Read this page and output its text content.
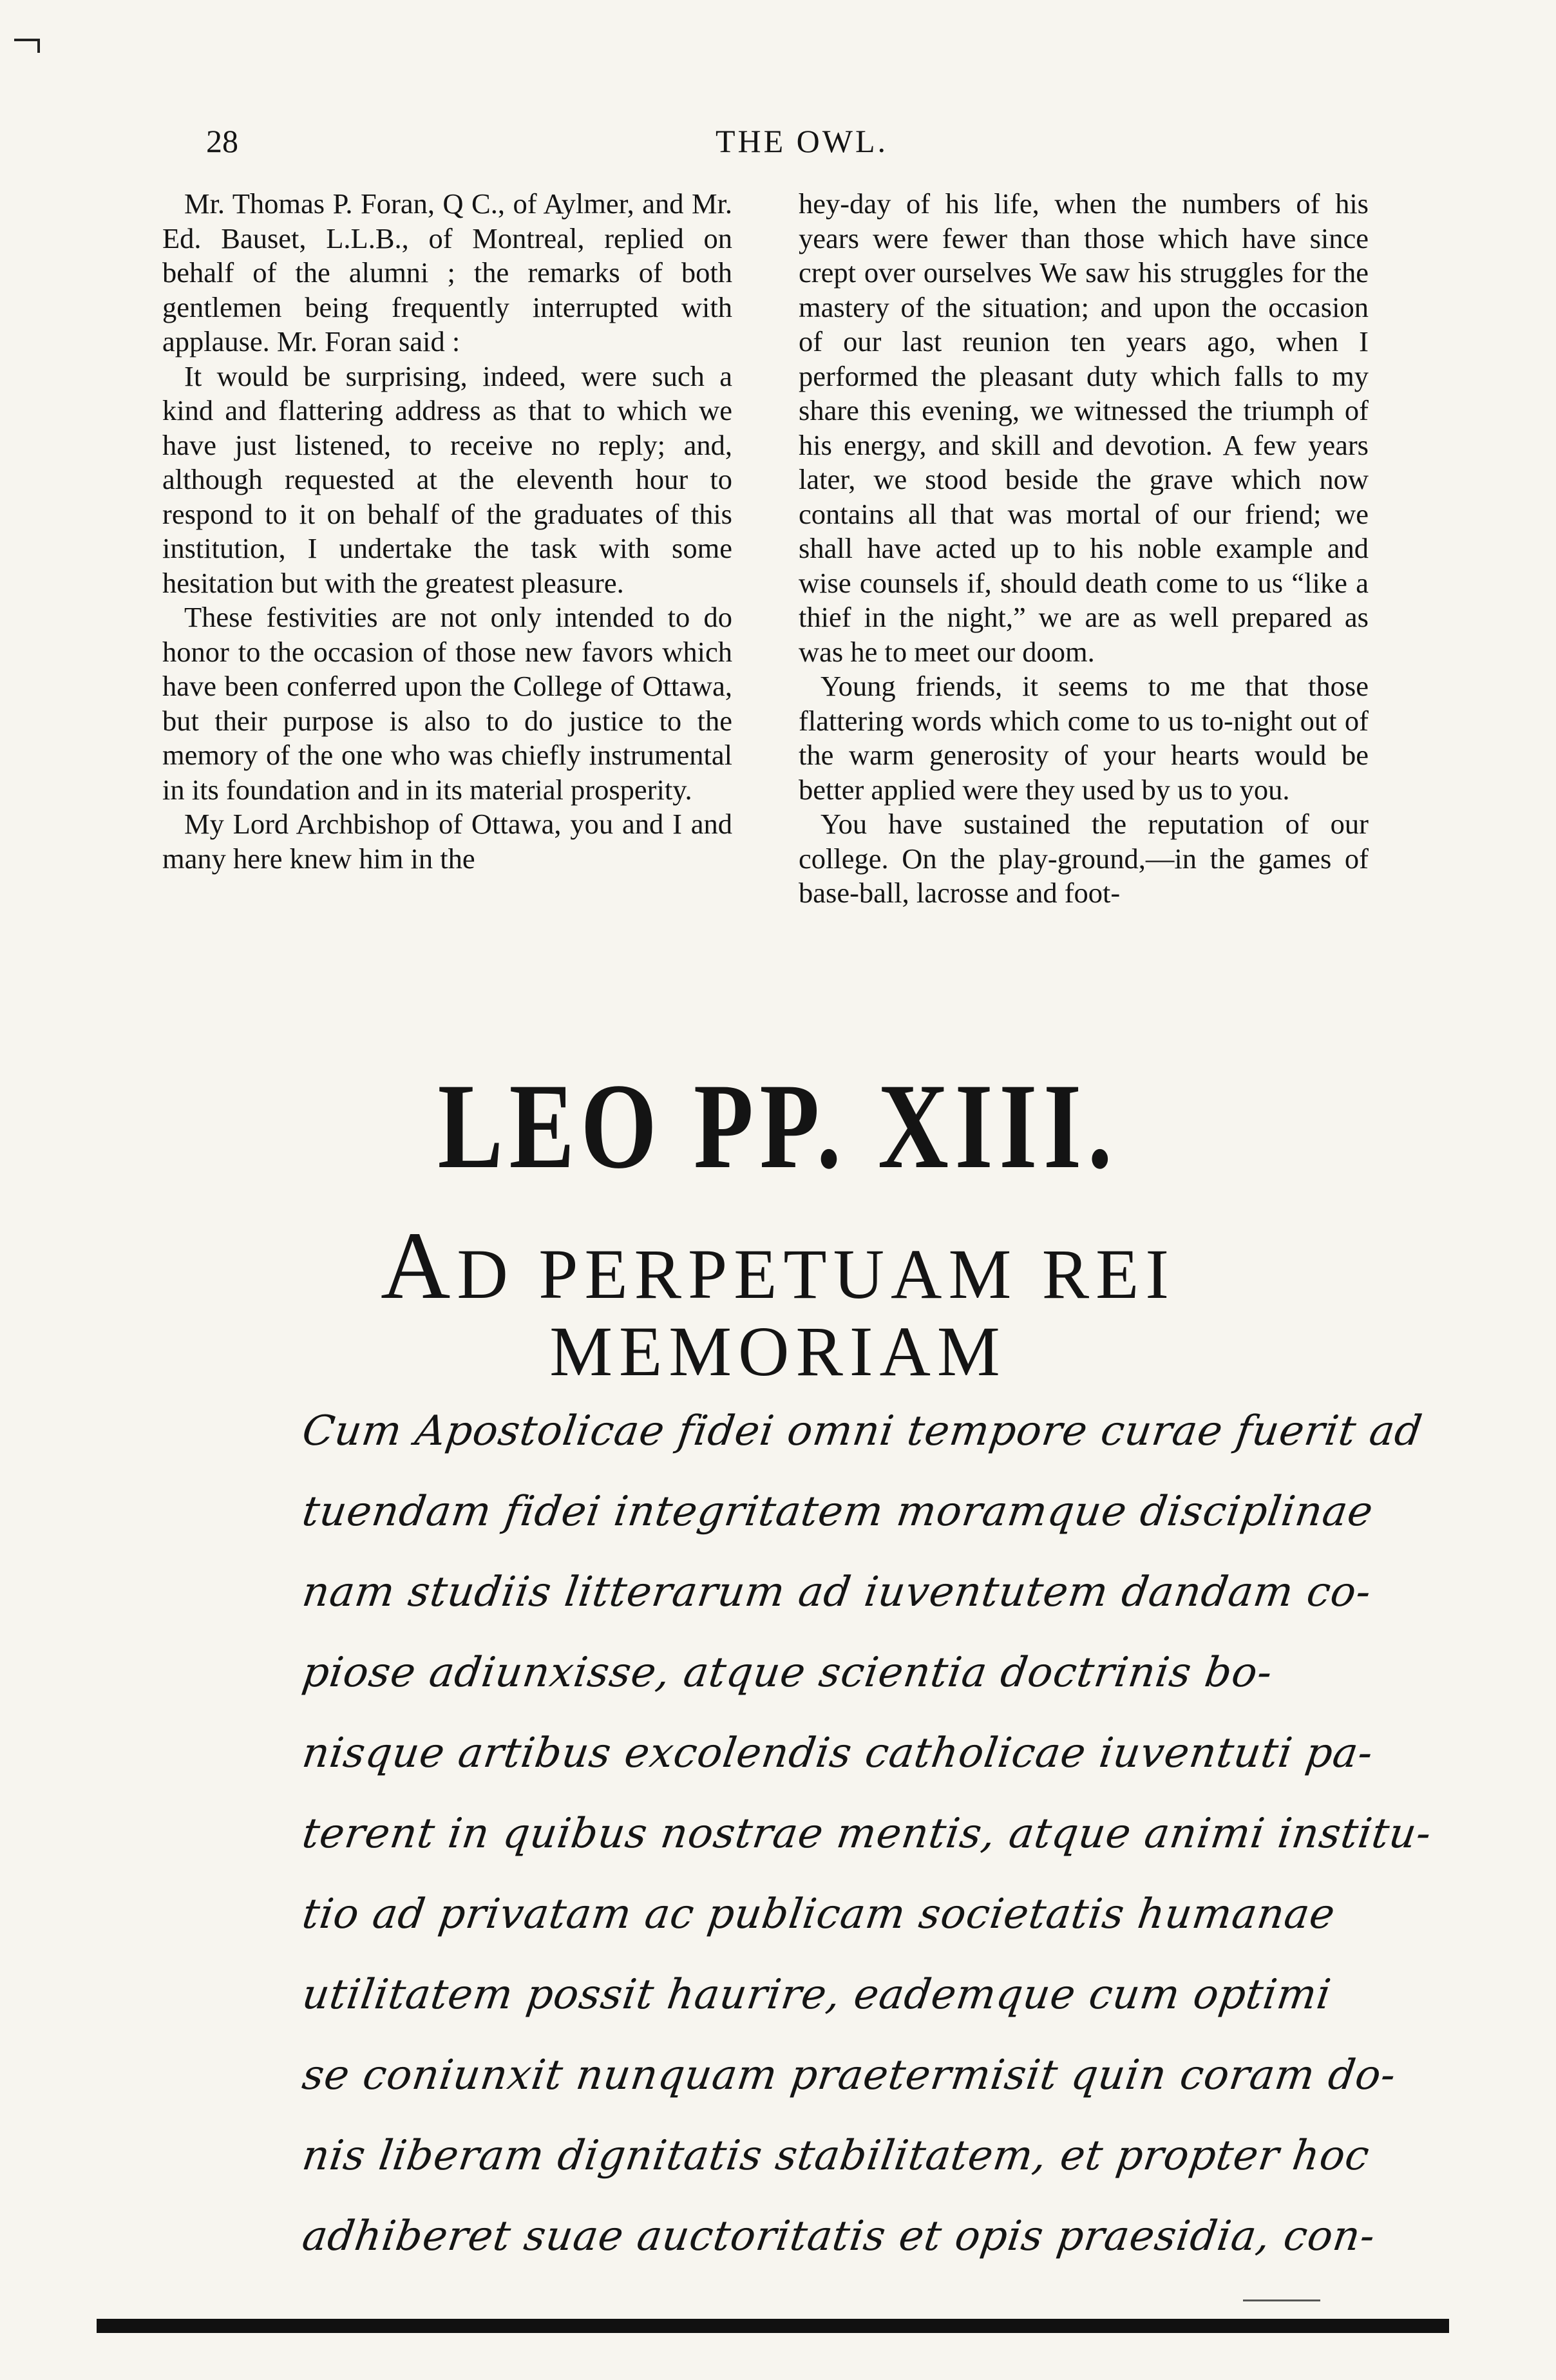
28	THE OWL.

Mr. Thomas P. Foran, Q C., of Aylmer, and Mr. Ed. Bauset, L.L.B., of Montreal, replied on behalf of the alumni ; the remarks of both gentlemen being frequently interrupted with applause. Mr. Foran said :

It would be surprising, indeed, were such a kind and flattering address as that to which we have just listened, to receive no reply; and, although requested at the eleventh hour to respond to it on behalf of the graduates of this institution, I undertake the task with some hesitation but with the greatest pleasure.

These festivities are not only intended to do honor to the occasion of those new favors which have been conferred upon the College of Ottawa, but their purpose is also to do justice to the memory of the one who was chiefly instrumental in its foundation and in its material prosperity.

My Lord Archbishop of Ottawa, you and I and many here knew him in the

hey-day of his life, when the numbers of his years were fewer than those which have since crept over ourselves We saw his struggles for the mastery of the situation; and upon the occasion of our last reunion ten years ago, when I performed the pleasant duty which falls to my share this evening, we witnessed the triumph of his energy, and skill and devotion. A few years later, we stood beside the grave which now contains all that was mortal of our friend; we shall have acted up to his noble example and wise counsels if, should death come to us “like a thief in the night,” we are as well prepared as was he to meet our doom.

Young friends, it seems to me that those flattering words which come to us to-night out of the warm generosity of your hearts would be better applied were they used by us to you.

You have sustained the reputation of our college. On the play-ground,—in the games of base-ball, lacrosse and foot-

LEO PP. XIII.
AD PERPETUAM REI
MEMORIAM
Cum Apostolicae fidei omni tempore curae fuerit ad
tuendam fidei integritatem moramque disciplinae
nam studiis litterarum ad iuventutem dandam co-
piose adiunxisse, atque scientia doctrinis bo-
nisque artibus excolendis catholicae iuventuti pa-
terent in quibus nostrae mentis, atque animi institu-
tio ad privatam ac publicam societatis humanae
utilitatem possit haurire, eademque cum optimi
se coniunxit nunquam praetermisit quin coram do-
nis liberam dignitatis stabilitatem, et propter hoc
adhiberet suae auctoritatis et opis praesidia, con-
